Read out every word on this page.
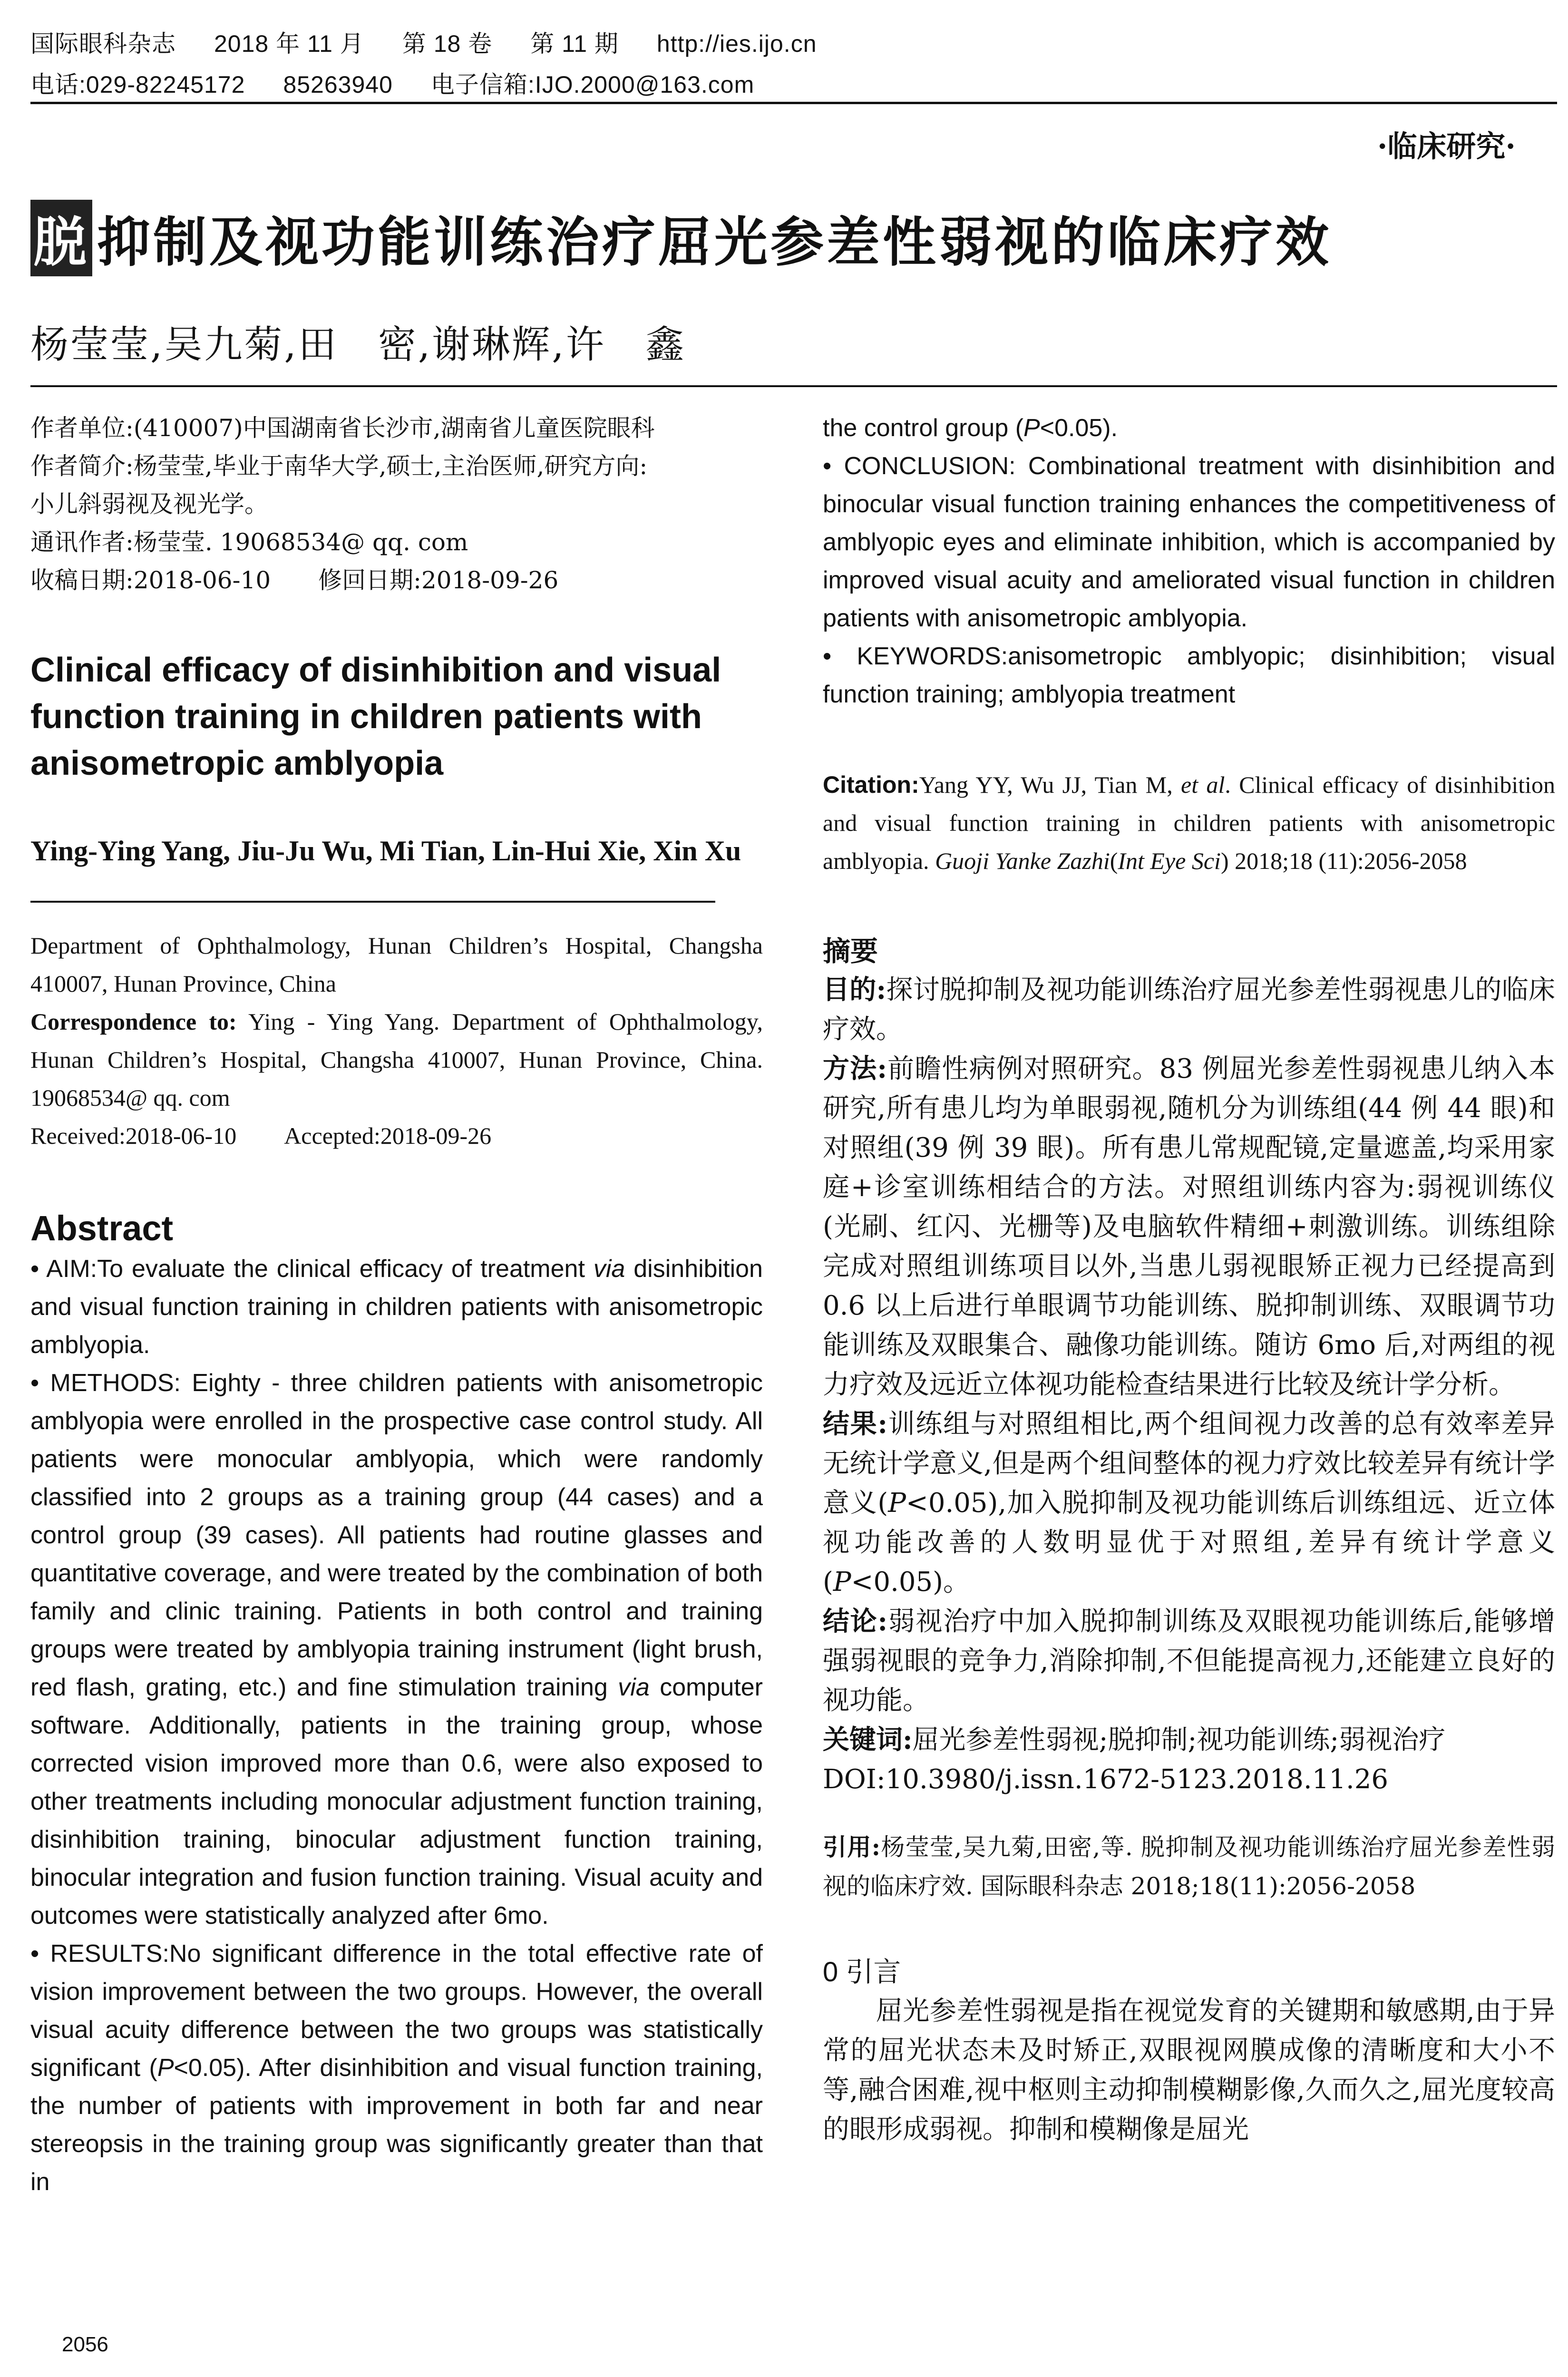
国际眼科杂志 2018 年 11 月 第 18 卷 第 11 期 http://ies.ijo.cn
电话:029-82245172 85263940 电子信箱:IJO.2000@163.com
·临床研究·
脱 抑制及视功能训练治疗屈光参差性弱视的临床疗效
杨莹莹,吴九菊,田　密,谢琳辉,许　鑫
作者单位:(410007)中国湖南省长沙市,湖南省儿童医院眼科
作者简介:杨莹莹,毕业于南华大学,硕士,主治医师,研究方向:
小儿斜弱视及视光学。
通讯作者:杨莹莹. 19068534@ qq. com
收稿日期:2018-06-10　　修回日期:2018-09-26
Clinical efficacy of disinhibition and visual function training in children patients with anisometropic amblyopia
Ying-Ying Yang, Jiu-Ju Wu, Mi Tian, Lin-Hui Xie, Xin Xu
Department of Ophthalmology, Hunan Children’s Hospital, Changsha 410007, Hunan Province, China
Correspondence to: Ying - Ying Yang. Department of Ophthalmology, Hunan Children’s Hospital, Changsha 410007, Hunan Province, China. 19068534@ qq. com
Received:2018-06-10　　Accepted:2018-09-26
Abstract

• AIM:To evaluate the clinical efficacy of treatment via disinhibition and visual function training in children patients with anisometropic amblyopia.

• METHODS: Eighty - three children patients with anisometropic amblyopia were enrolled in the prospective case control study. All patients were monocular amblyopia, which were randomly classified into 2 groups as a training group (44 cases) and a control group (39 cases). All patients had routine glasses and quantitative coverage, and were treated by the combination of both family and clinic training. Patients in both control and training groups were treated by amblyopia training instrument (light brush, red flash, grating, etc.) and fine stimulation training via computer software. Additionally, patients in the training group, whose corrected vision improved more than 0.6, were also exposed to other treatments including monocular adjustment function training, disinhibition training, binocular adjustment function training, binocular integration and fusion function training. Visual acuity and outcomes were statistically analyzed after 6mo.

• RESULTS:No significant difference in the total effective rate of vision improvement between the two groups. However, the overall visual acuity difference between the two groups was statistically significant (P<0.05). After disinhibition and visual function training, the number of patients with improvement in both far and near stereopsis in the training group was significantly greater than that in

the control group (P<0.05).

• CONCLUSION: Combinational treatment with disinhibition and binocular visual function training enhances the competitiveness of amblyopic eyes and eliminate inhibition, which is accompanied by improved visual acuity and ameliorated visual function in children patients with anisometropic amblyopia.

• KEYWORDS:anisometropic amblyopic; disinhibition; visual function training; amblyopia treatment

Citation:Yang YY, Wu JJ, Tian M, et al. Clinical efficacy of disinhibition and visual function training in children patients with anisometropic amblyopia. Guoji Yanke Zazhi(Int Eye Sci) 2018;18 (11):2056-2058
摘要

目的:探讨脱抑制及视功能训练治疗屈光参差性弱视患儿的临床疗效。

方法:前瞻性病例对照研究。83 例屈光参差性弱视患儿纳入本研究,所有患儿均为单眼弱视,随机分为训练组(44 例 44 眼)和对照组(39 例 39 眼)。所有患儿常规配镜,定量遮盖,均采用家庭+诊室训练相结合的方法。对照组训练内容为:弱视训练仪(光刷、红闪、光栅等)及电脑软件精细+刺激训练。训练组除完成对照组训练项目以外,当患儿弱视眼矫正视力已经提高到 0.6 以上后进行单眼调节功能训练、脱抑制训练、双眼调节功能训练及双眼集合、融像功能训练。随访 6mo 后,对两组的视力疗效及远近立体视功能检查结果进行比较及统计学分析。

结果:训练组与对照组相比,两个组间视力改善的总有效率差异无统计学意义,但是两个组间整体的视力疗效比较差异有统计学意义(P<0.05),加入脱抑制及视功能训练后训练组远、近立体视功能改善的人数明显优于对照组,差异有统计学意义(P<0.05)。

结论:弱视治疗中加入脱抑制训练及双眼视功能训练后,能够增强弱视眼的竞争力,消除抑制,不但能提高视力,还能建立良好的视功能。

关键词:屈光参差性弱视;脱抑制;视功能训练;弱视治疗

DOI:10.3980/j.issn.1672-5123.2018.11.26

引用:杨莹莹,吴九菊,田密,等. 脱抑制及视功能训练治疗屈光参差性弱视的临床疗效. 国际眼科杂志 2018;18(11):2056-2058
0 引言
屈光参差性弱视是指在视觉发育的关键期和敏感期,由于异常的屈光状态未及时矫正,双眼视网膜成像的清晰度和大小不等,融合困难,视中枢则主动抑制模糊影像,久而久之,屈光度较高的眼形成弱视。抑制和模糊像是屈光
2056
